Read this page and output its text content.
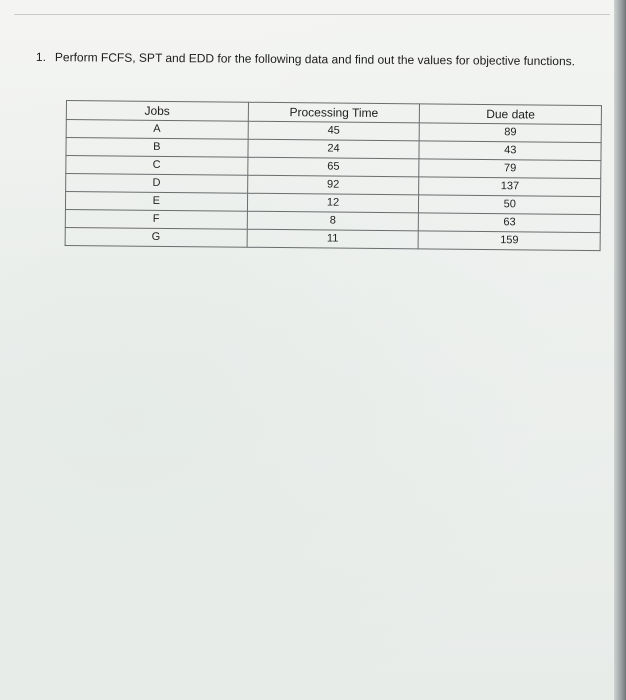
1. Perform FCFS, SPT and EDD for the following data and find out the values for objective functions.
Jobs	Processing Time	Due date
A	45	89
B	24	43
C	65	79
D	92	137
E	12	50
F	8	63
G	11	159
